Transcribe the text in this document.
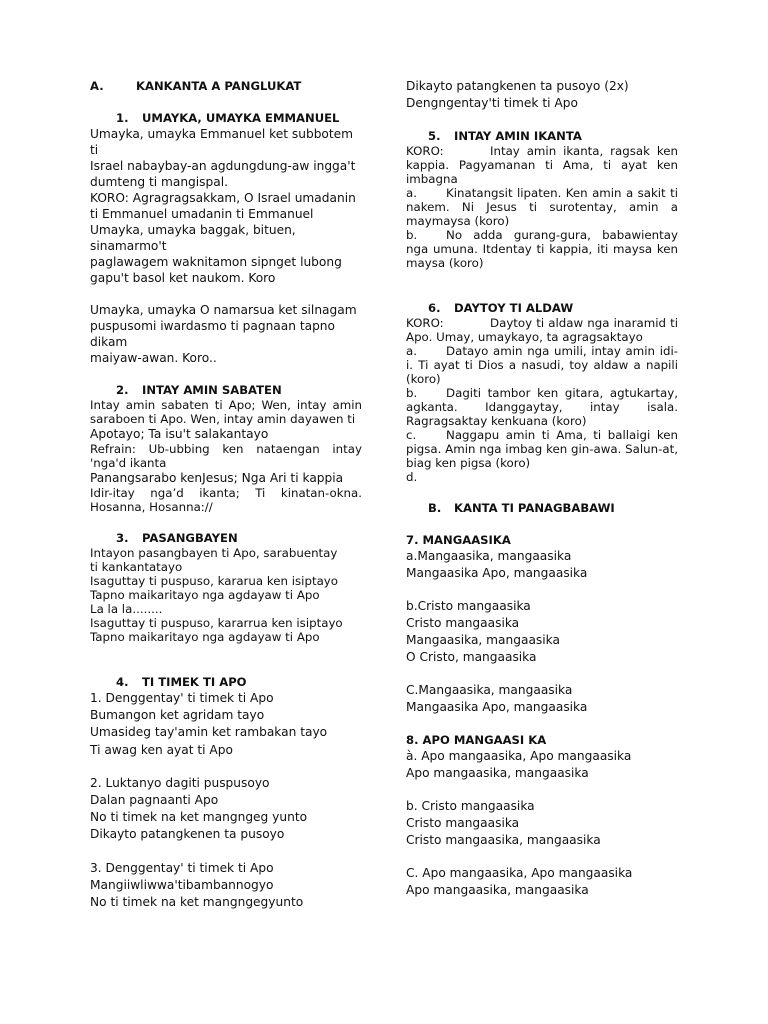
A.	KANKANTA A PANGLUKAT
1.	UMAYKA, UMAYKA EMMANUEL

Umayka, umayka Emmanuel ket subbotem

ti

Israel nabaybay-an agdungdung-aw ingga't

dumteng ti mangispal.

KORO: Agragragsakkam, O Israel umadanin

ti Emmanuel umadanin ti Emmanuel

Umayka, umayka baggak, bituen,

sinamarmo't

paglawagem waknitamon sipnget lubong

gapu't basol ket naukom. Koro

Umayka, umayka O namarsua ket silnagam

puspusomi iwardasmo ti pagnaan tapno

dikam

maiyaw-awan. Koro..

2.	INTAY AMIN SABATEN

Intay amin sabaten ti Apo; Wen, intay amin saraboen ti Apo. Wen, intay amin dayawen ti

Apotayo; Ta isu't salakantayo

Refrain: Ub-ubbing ken nataengan intay 'nga'd ikanta

Panangsarabo kenJesus; Nga Ari ti kappia

Idir-itay nga’d ikanta; Ti kinatan-okna. Hosanna, Hosanna://

3.	PASANGBAYEN

Intayon pasangbayen ti Apo, sarabuentay

ti kankantatayo

Isaguttay ti puspuso, kararua ken isiptayo

Tapno maikaritayo nga agdayaw ti Apo

La la la........

Isaguttay ti puspuso, kararrua ken isiptayo

Tapno maikaritayo nga agdayaw ti Apo

4.	TI TIMEK TI APO

1. Denggentay' ti timek ti Apo

Bumangon ket agridam tayo

Umasideg tay'amin ket rambakan tayo

Ti awag ken ayat ti Apo

2. Luktanyo dagiti puspusoyo

Dalan pagnaanti Apo

No ti timek na ket mangngeg yunto

Dikayto patangkenen ta pusoyo

3. Denggentay' ti timek ti Apo

Mangiiwliwwa'tibambannogyo

No ti timek na ket mangngegyunto

Dikayto patangkenen ta pusoyo (2x)

Dengngentay'ti timek ti Apo

5.	INTAY AMIN IKANTA

KORO:	Intay amin ikanta, ragsak ken kappia. Pagyamanan ti Ama, ti ayat ken imbagna

a. Kinatangsit lipaten. Ken amin a sakit ti nakem. Ni Jesus ti surotentay, amin a maymaysa (koro)

b. No adda gurang-gura, babawientay nga umuna. Itdentay ti kappia, iti maysa ken maysa (koro)

6.	DAYTOY TI ALDAW

KORO:	Daytoy ti aldaw nga inaramid ti Apo. Umay, umaykayo, ta agragsaktayo

a. Datayo amin nga umili, intay amin idi-i. Ti ayat ti Dios a nasudi, toy aldaw a napili (koro)

b. Dagiti tambor ken gitara, agtukartay, agkanta. Idanggaytay, intay isala. Ragragsaktay kenkuana (koro)

c.	Naggapu amin ti Ama, ti ballaigi ken pigsa. Amin nga imbag ken gin-awa. Salun-at, biag ken pigsa (koro)

d.

B.	KANTA TI PANAGBABAWI
7. MANGAASIKA

a.Mangaasika, mangaasika

Mangaasika Apo, mangaasika

b.Cristo mangaasika

Cristo mangaasika

Mangaasika, mangaasika

O Cristo, mangaasika

C.Mangaasika, mangaasika

Mangaasika Apo, mangaasika

8. APO MANGAASI KA

à. Apo mangaasika, Apo mangaasika

Apo mangaasika, mangaasika

b. Cristo mangaasika

Cristo mangaasika

Cristo mangaasika, mangaasika

C. Apo mangaasika, Apo mangaasika

Apo mangaasika, mangaasika
